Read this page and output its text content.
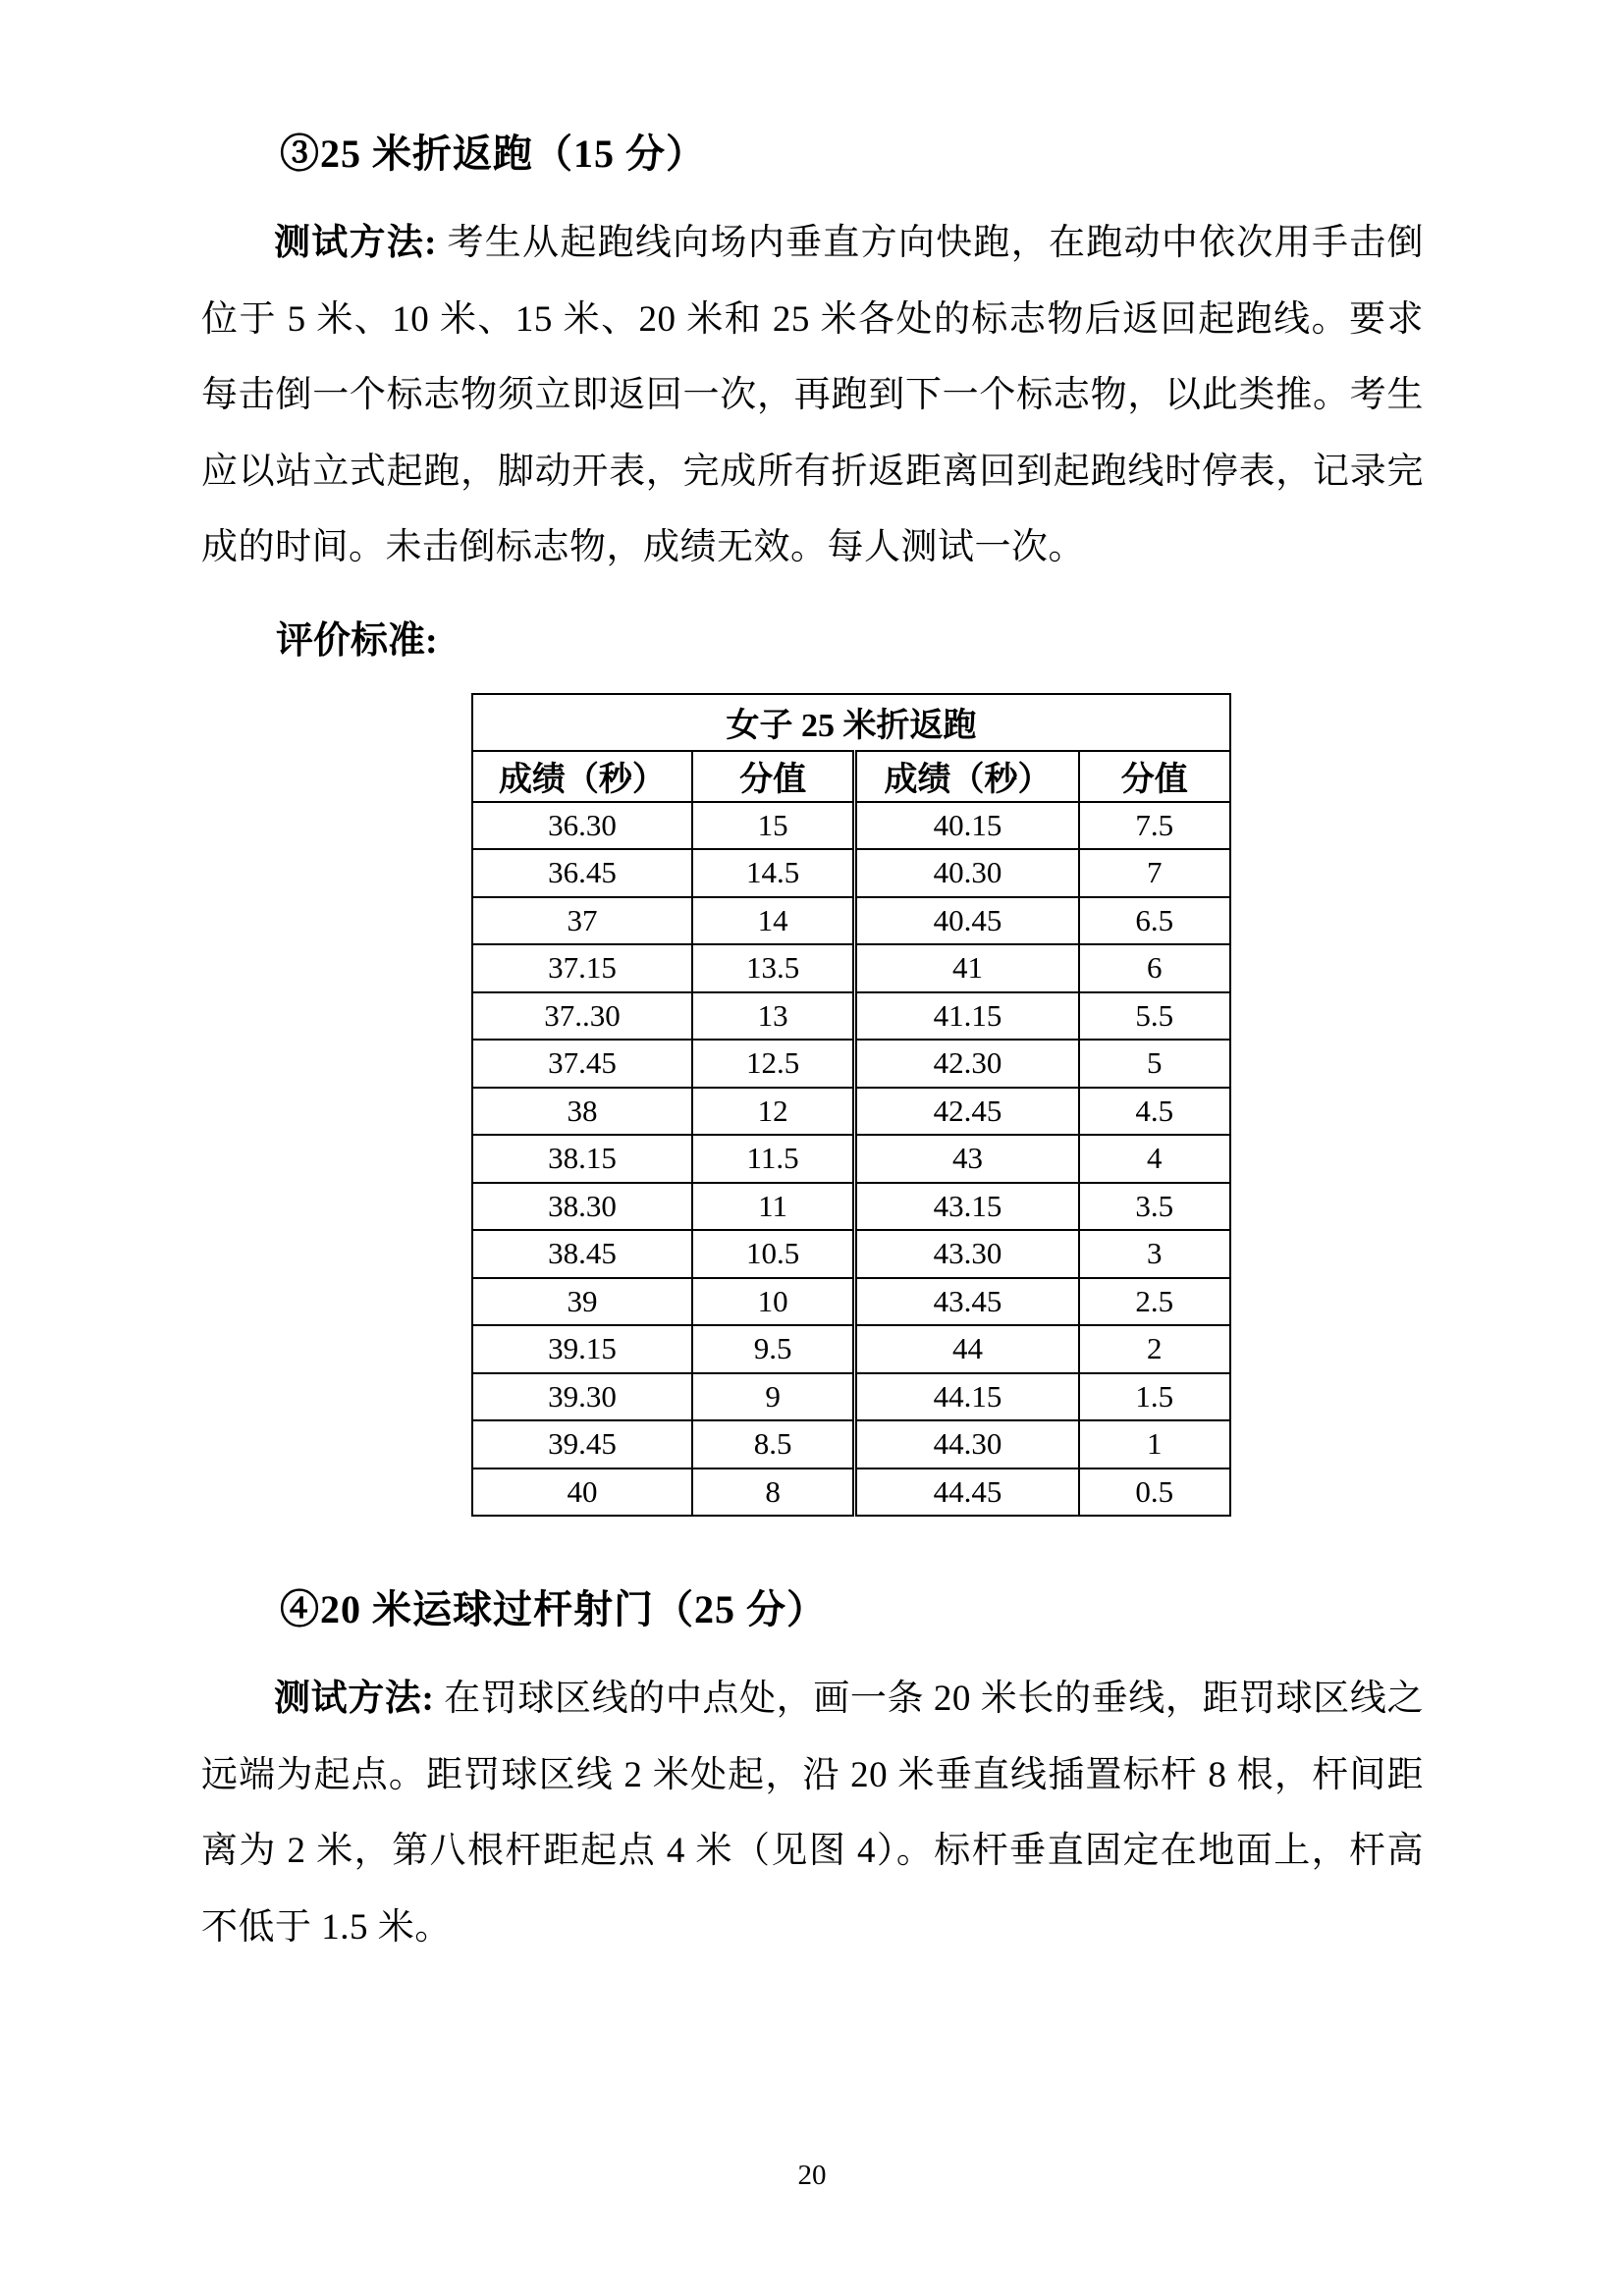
③25 米折返跑（15 分）

测试方法: 考生从起跑线向场内垂直方向快跑，在跑动中依次用手击倒位于 5 米、10 米、15 米、20 米和 25 米各处的标志物后返回起跑线。要求每击倒一个标志物须立即返回一次，再跑到下一个标志物，以此类推。考生应以站立式起跑，脚动开表，完成所有折返距离回到起跑线时停表，记录完成的时间。未击倒标志物，成绩无效。每人测试一次。

评价标准:

女子 25 米折返跑			
成绩（秒）	分值	成绩（秒）	分值
36.30	15	40.15	7.5
36.45	14.5	40.30	7
37	14	40.45	6.5
37.15	13.5	41	6
37..30	13	41.15	5.5
37.45	12.5	42.30	5
38	12	42.45	4.5
38.15	11.5	43	4
38.30	11	43.15	3.5
38.45	10.5	43.30	3
39	10	43.45	2.5
39.15	9.5	44	2
39.30	9	44.15	1.5
39.45	8.5	44.30	1
40	8	44.45	0.5
④20 米运球过杆射门（25 分）

测试方法: 在罚球区线的中点处，画一条 20 米长的垂线，距罚球区线之远端为起点。距罚球区线 2 米处起，沿 20 米垂直线插置标杆 8 根，杆间距离为 2 米，第八根杆距起点 4 米（见图 4）。标杆垂直固定在地面上，杆高不低于 1.5 米。

20
